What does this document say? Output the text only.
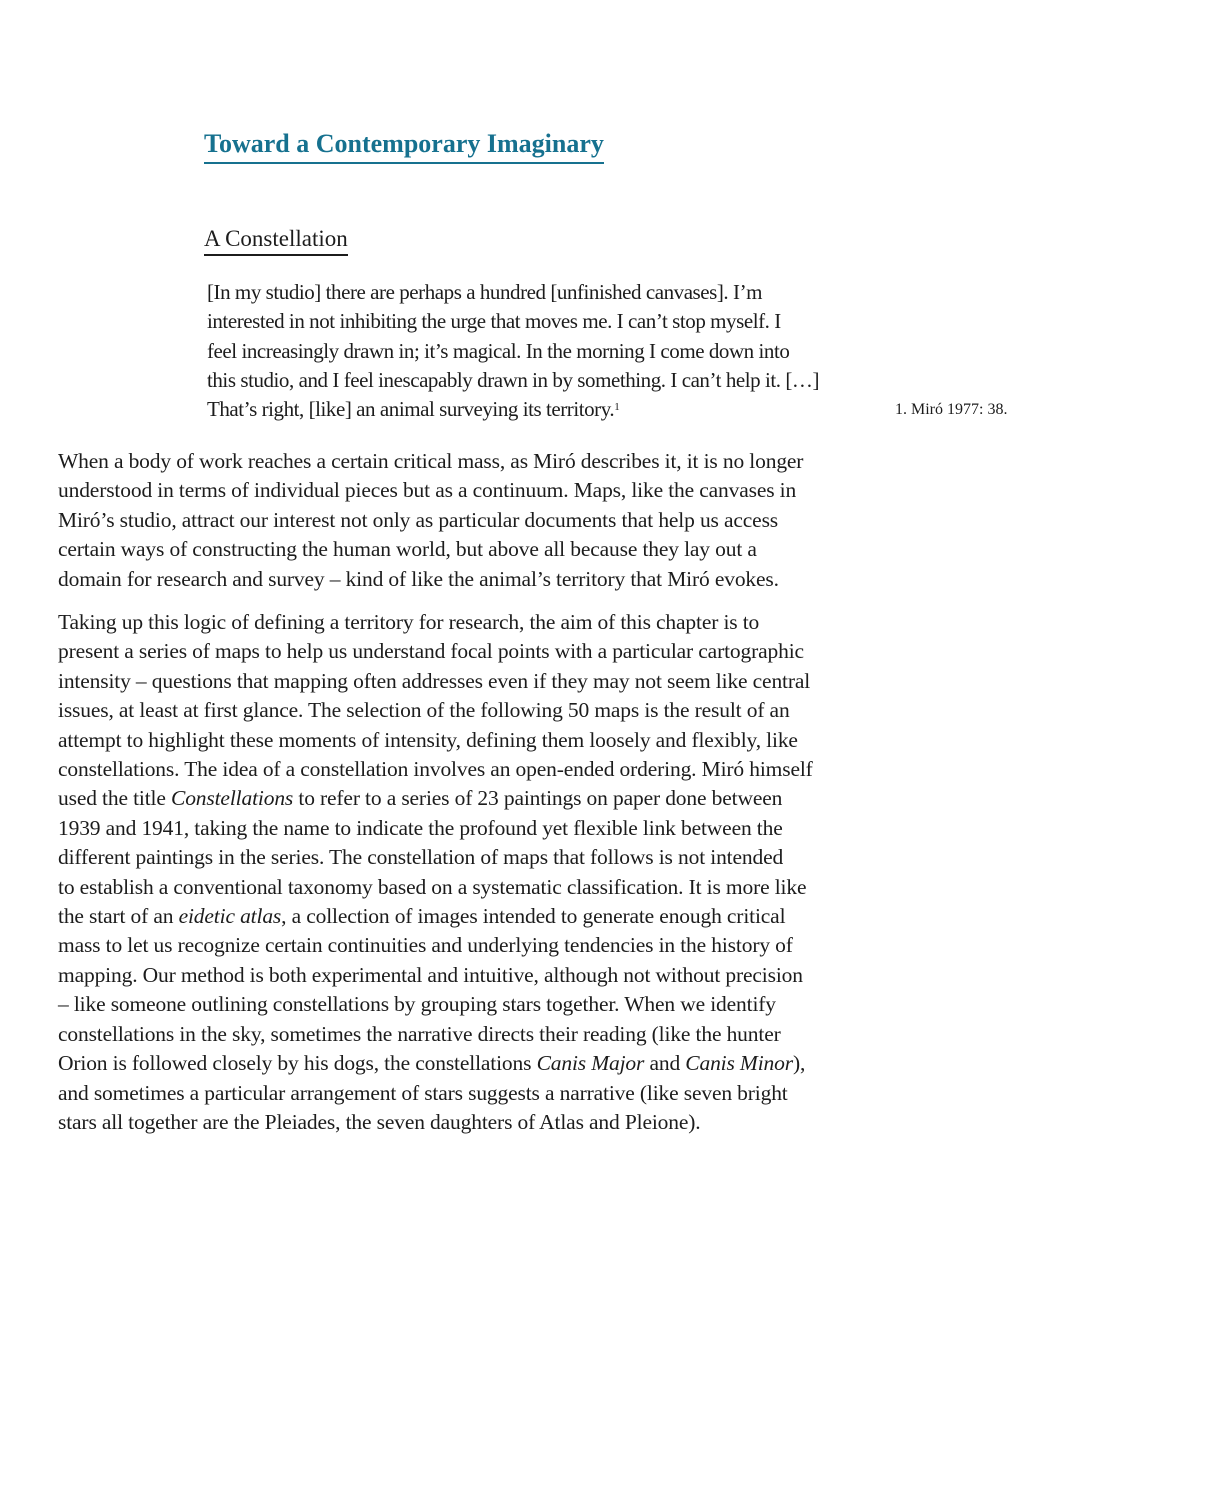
Toward a Contemporary Imaginary
A Constellation
[In my studio] there are perhaps a hundred [unfinished canvases]. I’m
interested in not inhibiting the urge that moves me. I can’t stop myself. I
feel increasingly drawn in; it’s magical. In the morning I come down into
this studio, and I feel inescapably drawn in by something. I can’t help it. […]
That’s right, [like] an animal surveying its territory.$^1$	1. Miró 1977: 38.

When a body of work reaches a certain critical mass, as Miró describes it, it is no longer
understood in terms of individual pieces but as a continuum. Maps, like the canvases in
Miró’s studio, attract our interest not only as particular documents that help us access
certain ways of constructing the human world, but above all because they lay out a
domain for research and survey – kind of like the animal’s territory that Miró evokes.

Taking up this logic of defining a territory for research, the aim of this chapter is to
present a series of maps to help us understand focal points with a particular cartographic
intensity – questions that mapping often addresses even if they may not seem like central
issues, at least at first glance. The selection of the following 50 maps is the result of an
attempt to highlight these moments of intensity, defining them loosely and flexibly, like
constellations. The idea of a constellation involves an open-ended ordering. Miró himself
used the title Constellations to refer to a series of 23 paintings on paper done between
1939 and 1941, taking the name to indicate the profound yet flexible link between the
different paintings in the series. The constellation of maps that follows is not intended
to establish a conventional taxonomy based on a systematic classification. It is more like
the start of an eidetic atlas, a collection of images intended to generate enough critical
mass to let us recognize certain continuities and underlying tendencies in the history of
mapping. Our method is both experimental and intuitive, although not without precision
– like someone outlining constellations by grouping stars together. When we identify
constellations in the sky, sometimes the narrative directs their reading (like the hunter
Orion is followed closely by his dogs, the constellations Canis Major and Canis Minor),
and sometimes a particular arrangement of stars suggests a narrative (like seven bright
stars all together are the Pleiades, the seven daughters of Atlas and Pleione).
